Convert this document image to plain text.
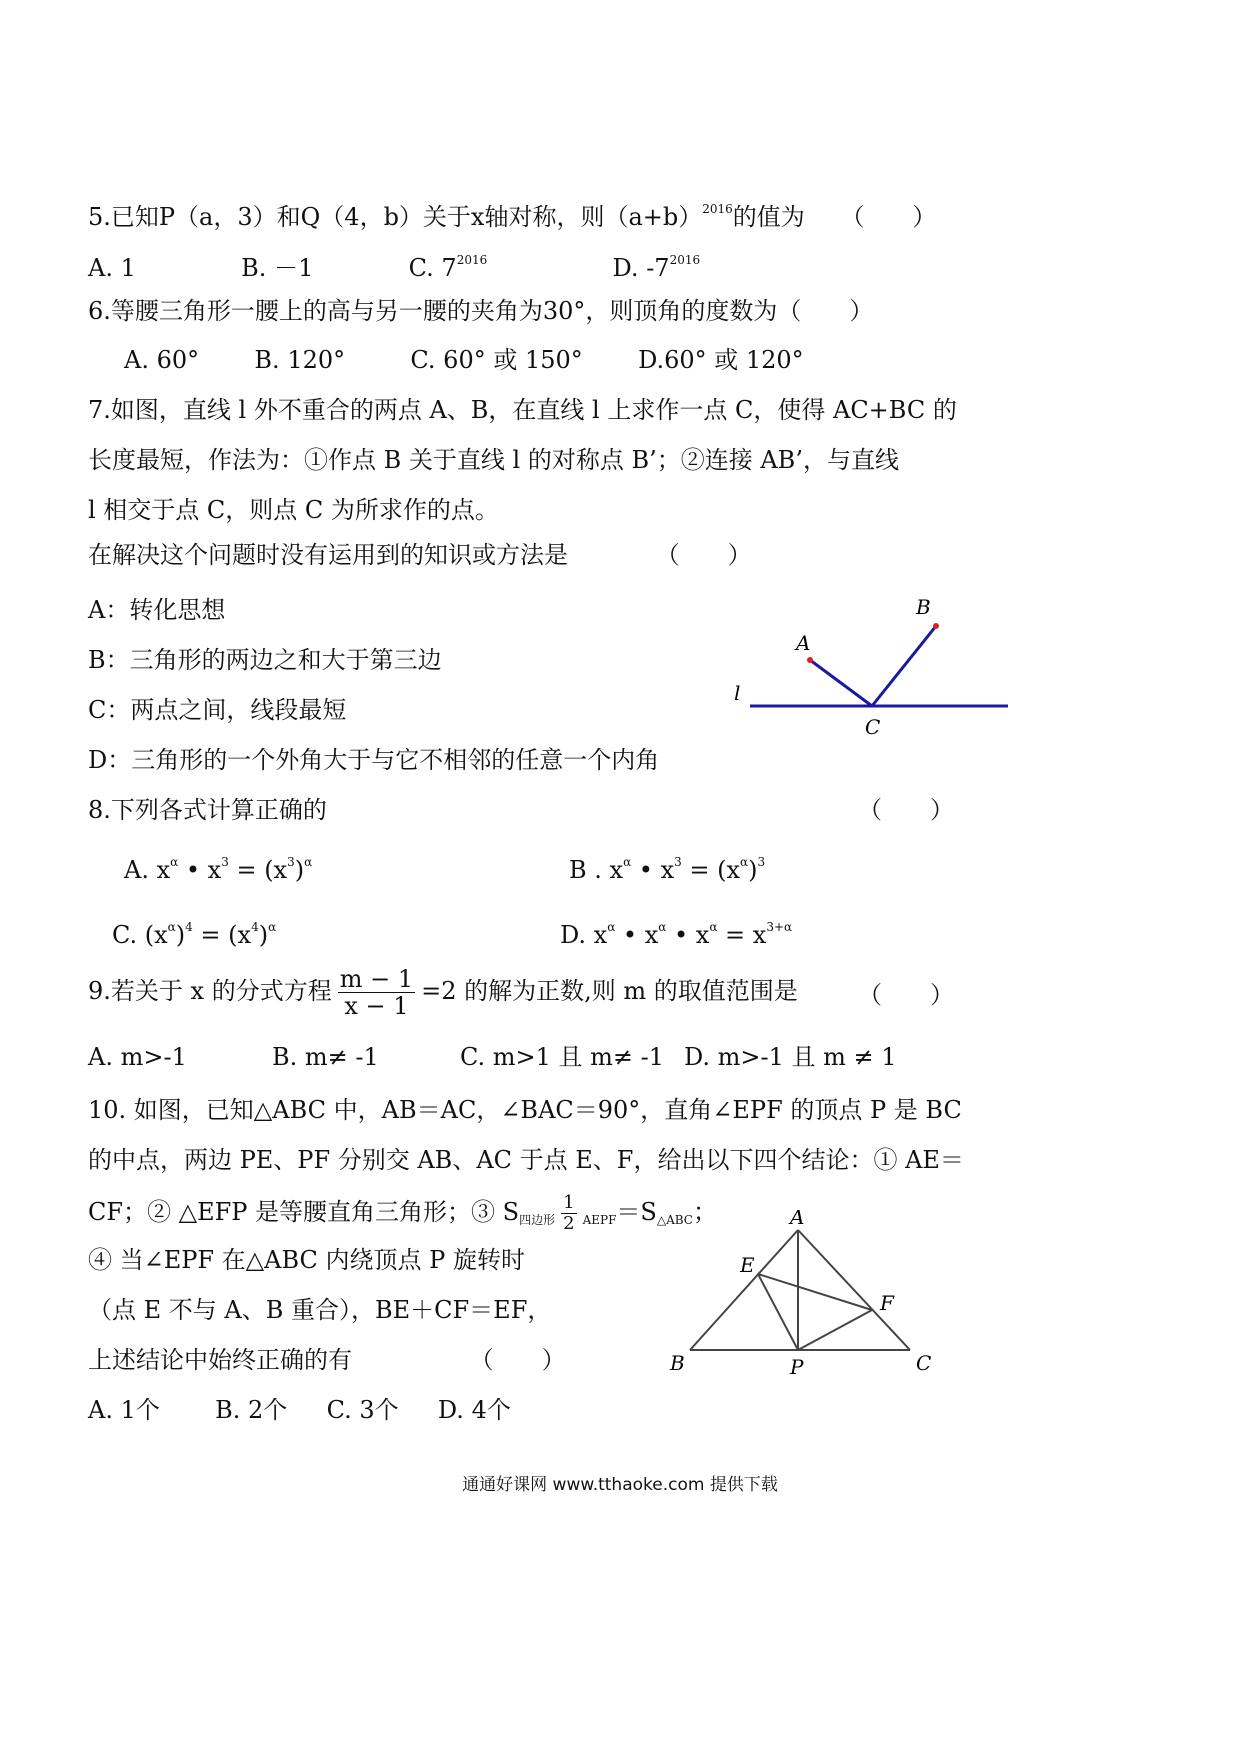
5.已知P（a，3）和Q（4，b）关于x轴对称，则$(a+b)^{2016}$的值为 （　　）
A. 1	B. －1	C. $7^{2016}$	D. $-7^{2016}$
6.等腰三角形一腰上的高与另一腰的夹角为30°，则顶角的度数为（　　）
A. 60° B. 120°	C. 60° 或 150° D.60° 或 120°
7.如图，直线 l 外不重合的两点 A、B，在直线 l 上求作一点 C，使得 AC+BC 的
长度最短，作法为：①作点 B 关于直线 l 的对称点 B’；②连接 AB’，与直线
l 相交于点 C，则点 C 为所求作的点。
在解决这个问题时没有运用到的知识或方法是	（　　）
A：转化思想
B：三角形的两边之和大于第三边
C：两点之间，线段最短
D：三角形的一个外角大于与它不相邻的任意一个内角
A
B
C
l
8.下列各式计算正确的	（　　）
A. $x^\alpha$ • $x^3 = (x^3)^\alpha$	B . $x^\alpha$ • $x^3 = (x^\alpha)^3$
C. $(x^\alpha)^4 = (x^4)^\alpha$	D. $x^\alpha$ • $x^\alpha$ • $x^\alpha = x^{3+\alpha}$
9.若关于 x 的分式方程 $\frac{m - 1}{x - 1} =2$ 的解为正数,则 m 的取值范围是	（　　）
A. m>-1	B. m≠ -1	C. m>1 且 m≠ -1 D. m>-1 且 m ≠ 1
10. 如图，已知△ABC 中，AB＝AC，∠BAC＝90°，直角∠EPF 的顶点 P 是 BC
的中点，两边 PE、PF 分别交 AB、AC 于点 E、F，给出以下四个结论：① AE＝
CF；② △EFP 是等腰直角三角形；③ $S_{四边形} \frac{1}{2} _{AEPF}=S_{\triangle ABC}$；
④ 当∠EPF 在△ABC 内绕顶点 P 旋转时
（点 E 不与 A、B 重合），BE＋CF＝EF，
上述结论中始终正确的有	（　　）
A. 1个 B. 2个 C. 3个 D. 4个
A
B	C
E
F
P
通通好课网 www.tthaoke.com 提供下载
